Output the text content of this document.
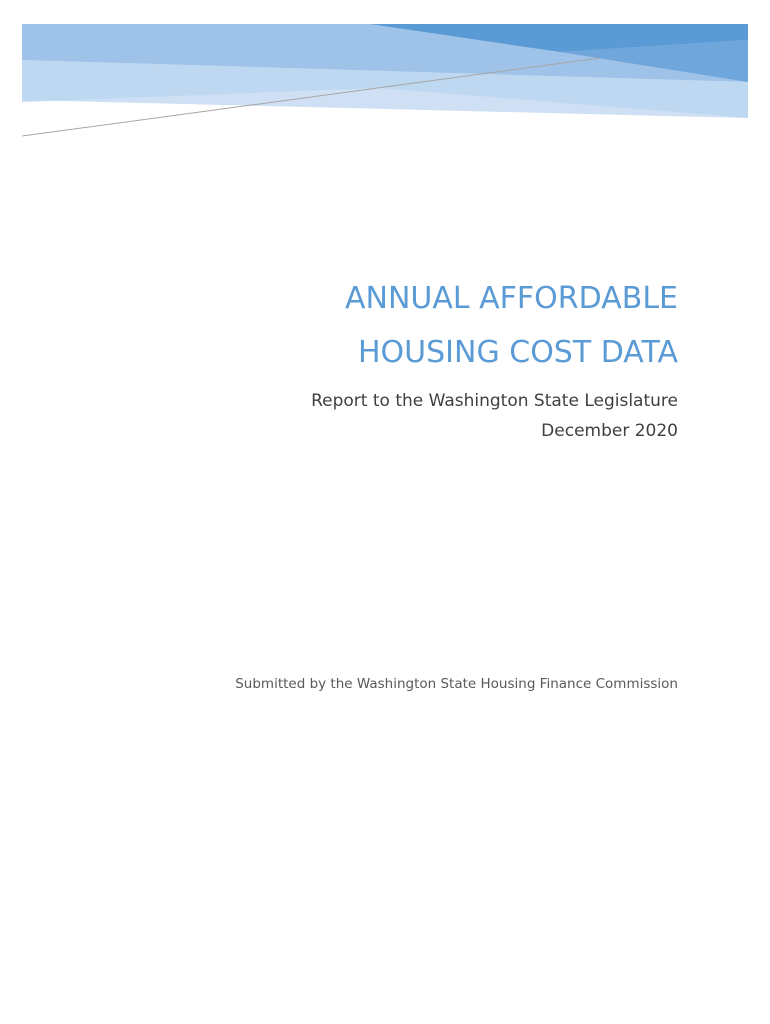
ANNUAL AFFORDABLE
HOUSING COST DATA
Report to the Washington State Legislature
December 2020
Submitted by the Washington State Housing Finance Commission
